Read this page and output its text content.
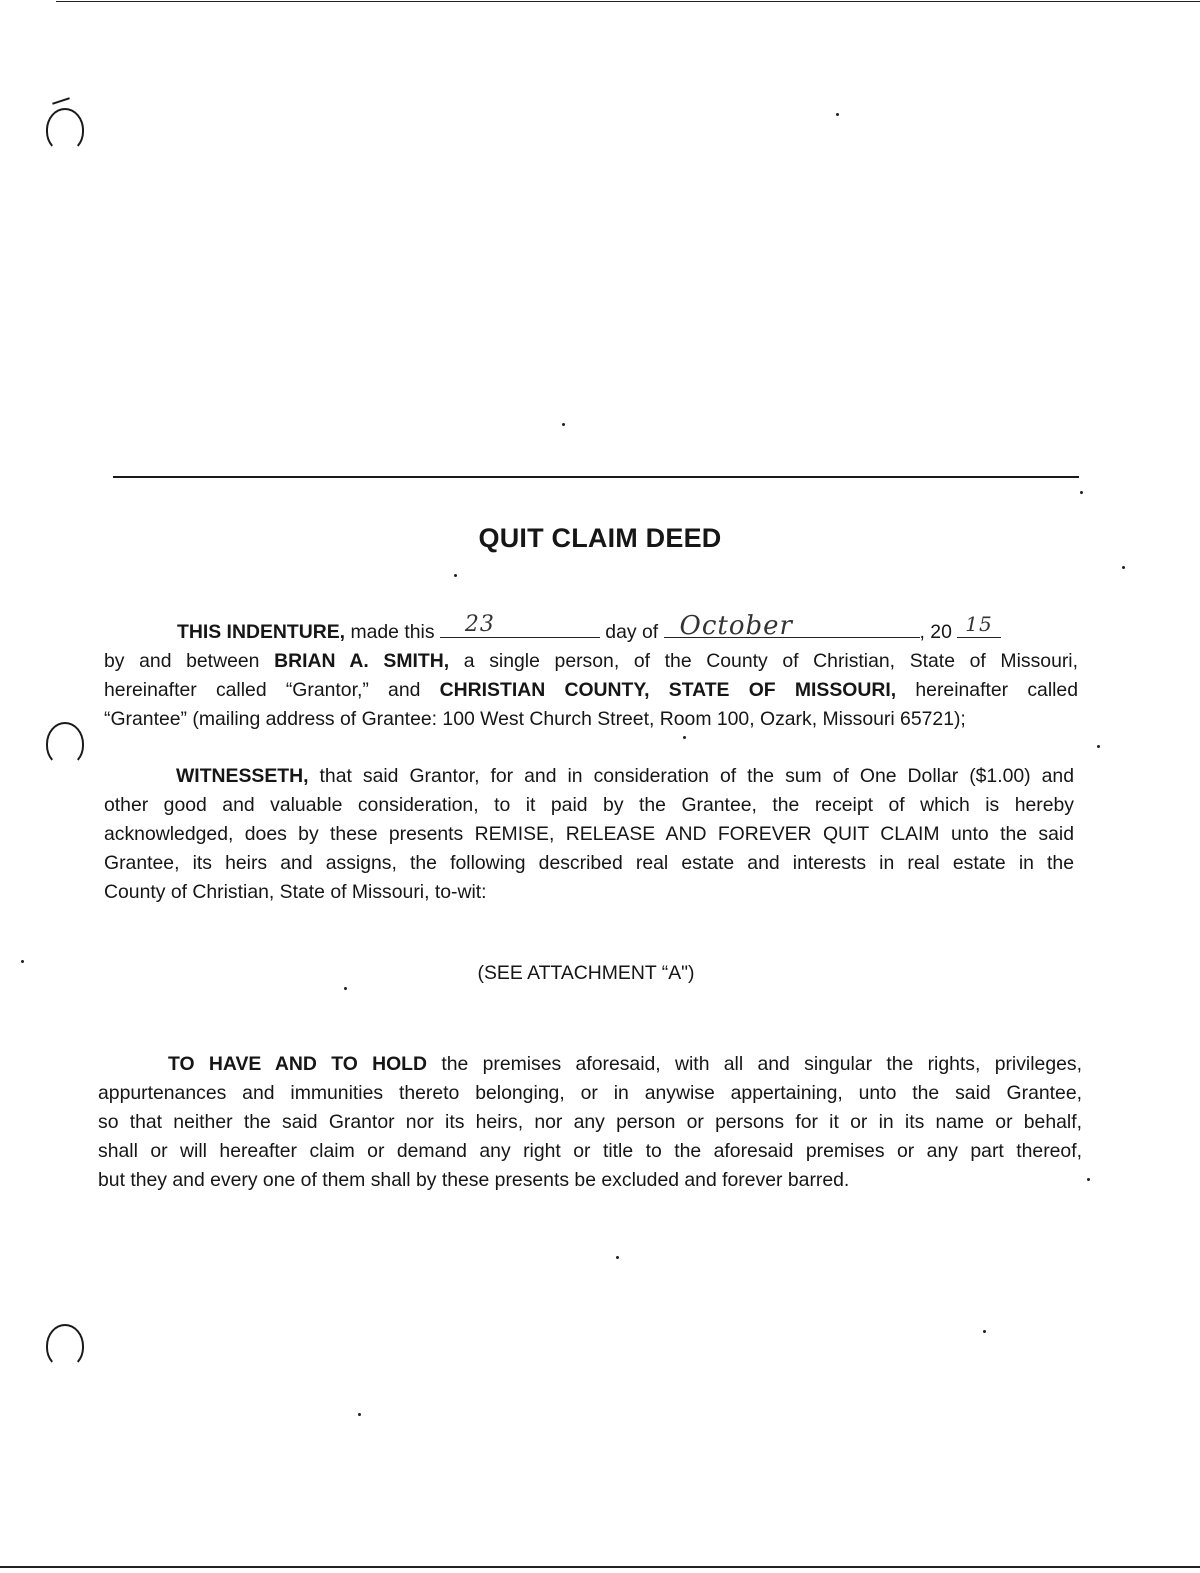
QUIT CLAIM DEED
THIS INDENTURE, made this 23	day of October	, 20 15
by and between BRIAN A. SMITH, a single person, of the County of Christian, State of Missouri,
hereinafter called “Grantor,” and CHRISTIAN COUNTY, STATE OF MISSOURI, hereinafter called
“Grantee” (mailing address of Grantee: 100 West Church Street, Room 100, Ozark, Missouri 65721);
WITNESSETH, that said Grantor, for and in consideration of the sum of One Dollar ($1.00) and
other good and valuable consideration, to it paid by the Grantee, the receipt of which is hereby
acknowledged, does by these presents REMISE, RELEASE AND FOREVER QUIT CLAIM unto the said
Grantee, its heirs and assigns, the following described real estate and interests in real estate in the
County of Christian, State of Missouri, to-wit:
(SEE ATTACHMENT “A")
TO HAVE AND TO HOLD the premises aforesaid, with all and singular the rights, privileges,
appurtenances and immunities thereto belonging, or in anywise appertaining, unto the said Grantee,
so that neither the said Grantor nor its heirs, nor any person or persons for it or in its name or behalf,
shall or will hereafter claim or demand any right or title to the aforesaid premises or any part thereof,
but they and every one of them shall by these presents be excluded and forever barred.
